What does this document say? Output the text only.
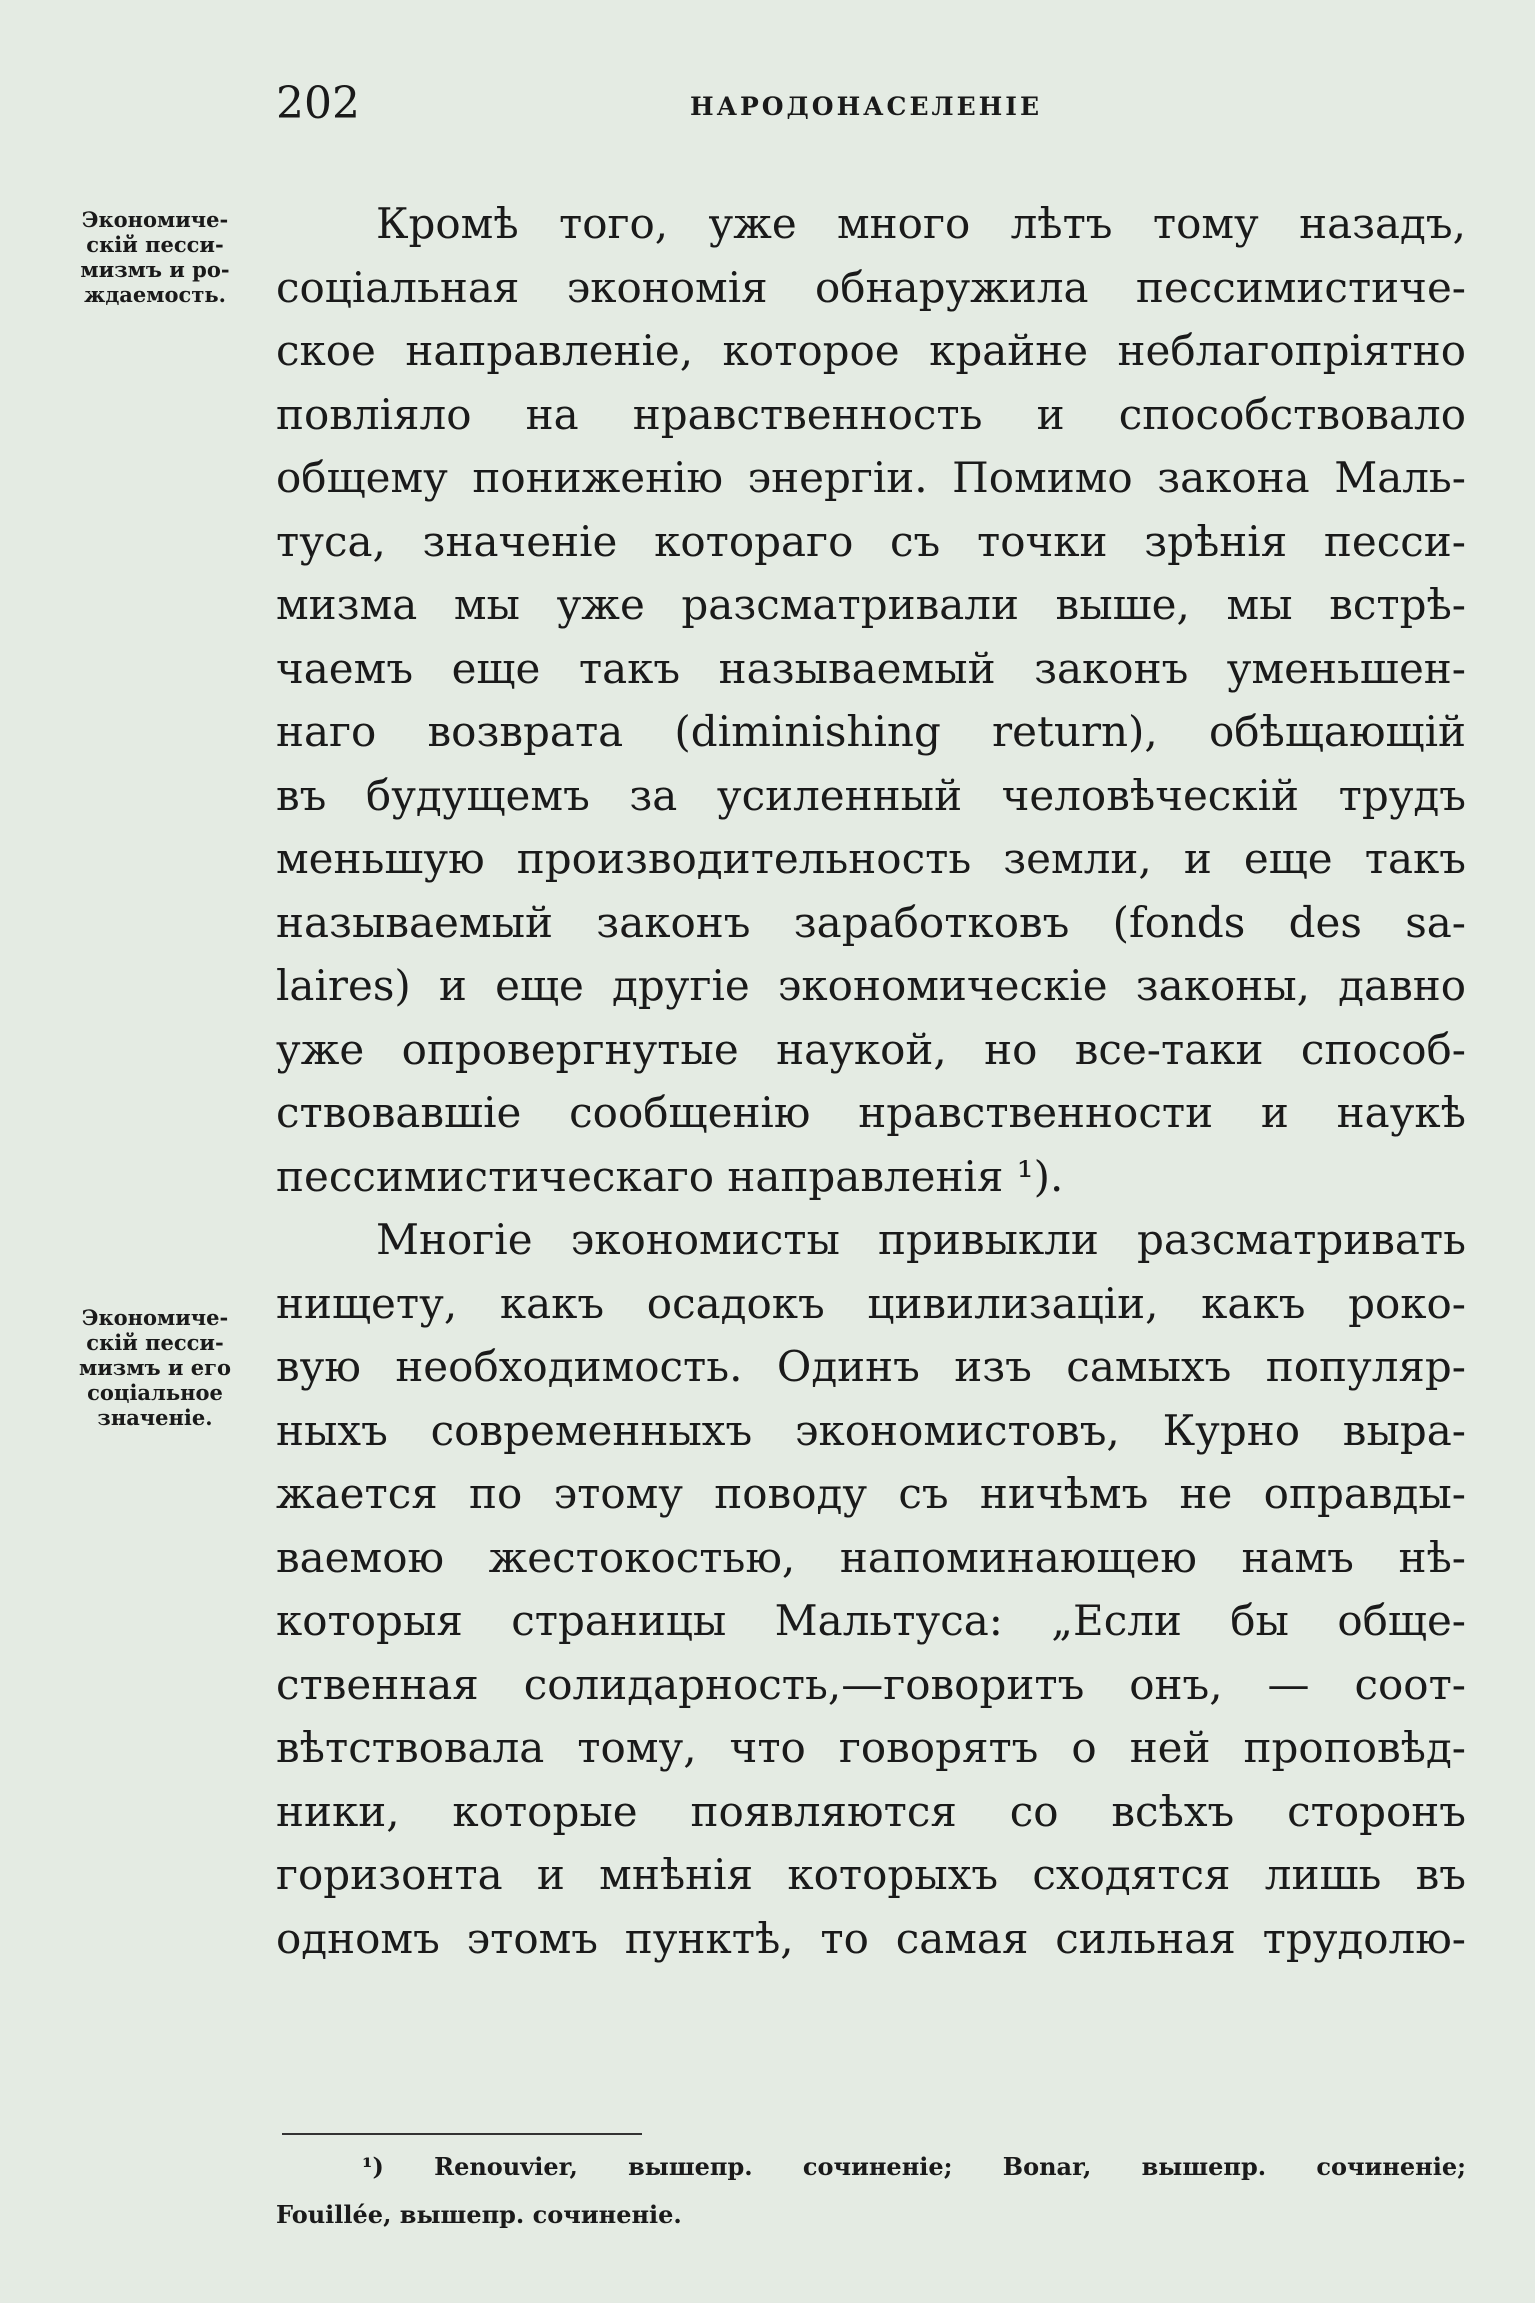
202	НАРОДОНАСЕЛЕНІЕ
Экономиче-
скій песси-
мизмъ и ро-
ждаемость.
Экономиче-
скій песси-
мизмъ и его
соціальное
значеніе.
Кромѣ того, уже много лѣтъ тому назадъ,
соціальная экономія обнаружила пессимистиче-
ское направленіе, которое крайне неблагопріятно
повліяло на нравственность и способствовало
общему пониженію энергіи. Помимо закона Маль-
туса, значеніе котораго съ точки зрѣнія песси-
мизма мы уже разсматривали выше, мы встрѣ-
чаемъ еще такъ называемый законъ уменьшен-
наго возврата (diminishing return), обѣщающій
въ будущемъ за усиленный человѣческій трудъ
меньшую производительность земли, и еще такъ
называемый законъ заработковъ (fonds des sa-
laires) и еще другіе экономическіе законы, давно
уже опровергнутые наукой, но все-таки способ-
ствовавшіе сообщенію нравственности и наукѣ
пессимистическаго направленія ¹).
Многіе экономисты привыкли разсматривать
нищету, какъ осадокъ цивилизаціи, какъ роко-
вую необходимость. Одинъ изъ самыхъ популяр-
ныхъ современныхъ экономистовъ, Курно выра-
жается по этому поводу съ ничѣмъ не оправды-
ваемою жестокостью, напоминающею намъ нѣ-
которыя страницы Мальтуса: „Если бы обще-
ственная солидарность,—говоритъ онъ, — соот-
вѣтствовала тому, что говорятъ о ней проповѣд-
ники, которые появляются со всѣхъ сторонъ
горизонта и мнѣнія которыхъ сходятся лишь въ
одномъ этомъ пунктѣ, то самая сильная трудолю-
¹) Renouvier, вышепр. сочиненіе; Bonar, вышепр. сочиненіе;
Fouillée, вышепр. сочиненіе.
